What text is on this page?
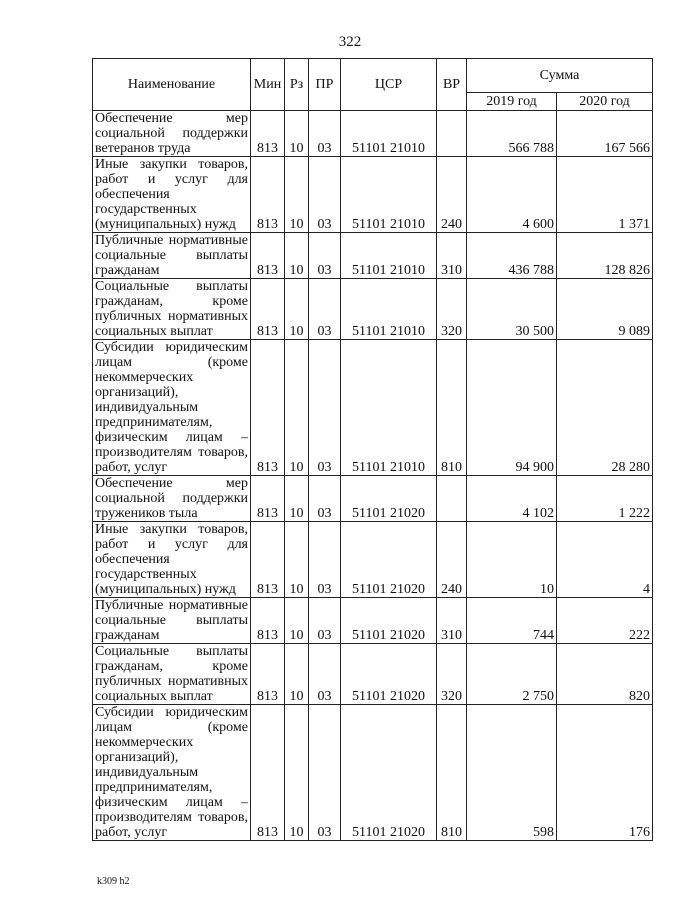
322
Наименование	Мин	Рз	ПР	ЦСР	ВР	Сумма	
						2019 год	2020 год
Обеспечение мер социальной поддержки ветеранов труда	813	10	03	51101 21010		566 788	167 566
Иные закупки товаров, работ и услуг для обеспечения государственных (муниципальных) нужд	813	10	03	51101 21010	240	4 600	1 371
Публичные нормативные социальные выплаты гражданам	813	10	03	51101 21010	310	436 788	128 826
Социальные выплаты гражданам, кроме публичных нормативных социальных выплат	813	10	03	51101 21010	320	30 500	9 089
Субсидии юридическим лицам (кроме некоммерческих организаций), индивидуальным предпринимателям, физическим лицам – производителям товаров, работ, услуг	813	10	03	51101 21010	810	94 900	28 280
Обеспечение мер социальной поддержки тружеников тыла	813	10	03	51101 21020		4 102	1 222
Иные закупки товаров, работ и услуг для обеспечения государственных (муниципальных) нужд	813	10	03	51101 21020	240	10	4
Публичные нормативные социальные выплаты гражданам	813	10	03	51101 21020	310	744	222
Социальные выплаты гражданам, кроме публичных нормативных социальных выплат	813	10	03	51101 21020	320	2 750	820
Субсидии юридическим лицам (кроме некоммерческих организаций), индивидуальным предпринимателям, физическим лицам – производителям товаров, работ, услуг	813	10	03	51101 21020	810	598	176
k309 h2
